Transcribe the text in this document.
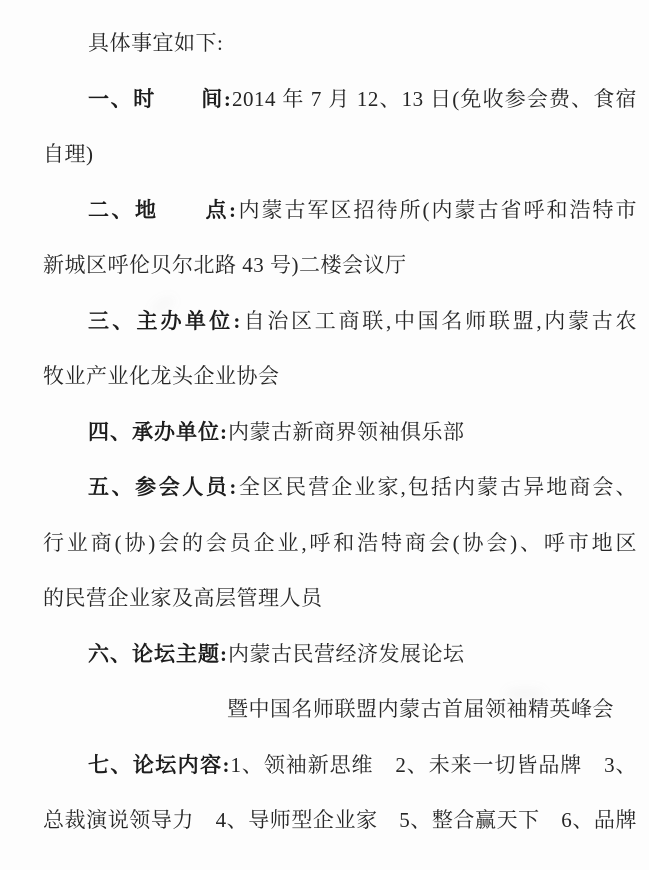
具体事宜如下:
一、时　　间:2014 年 7 月 12、13 日(免收参会费、食宿
自理)
二、地　　点:内蒙古军区招待所(内蒙古省呼和浩特市
新城区呼伦贝尔北路 43 号)二楼会议厅
三、主办单位:自治区工商联,中国名师联盟,内蒙古农
牧业产业化龙头企业协会
四、承办单位:内蒙古新商界领袖俱乐部
五、参会人员:全区民营企业家,包括内蒙古异地商会、
行业商(协)会的会员企业,呼和浩特商会(协会)、呼市地区
的民营企业家及高层管理人员
六、论坛主题:内蒙古民营经济发展论坛
暨中国名师联盟内蒙古首届领袖精英峰会
七、论坛内容:1、领袖新思维　2、未来一切皆品牌　3、
总裁演说领导力　4、导师型企业家　5、整合赢天下　6、品牌
